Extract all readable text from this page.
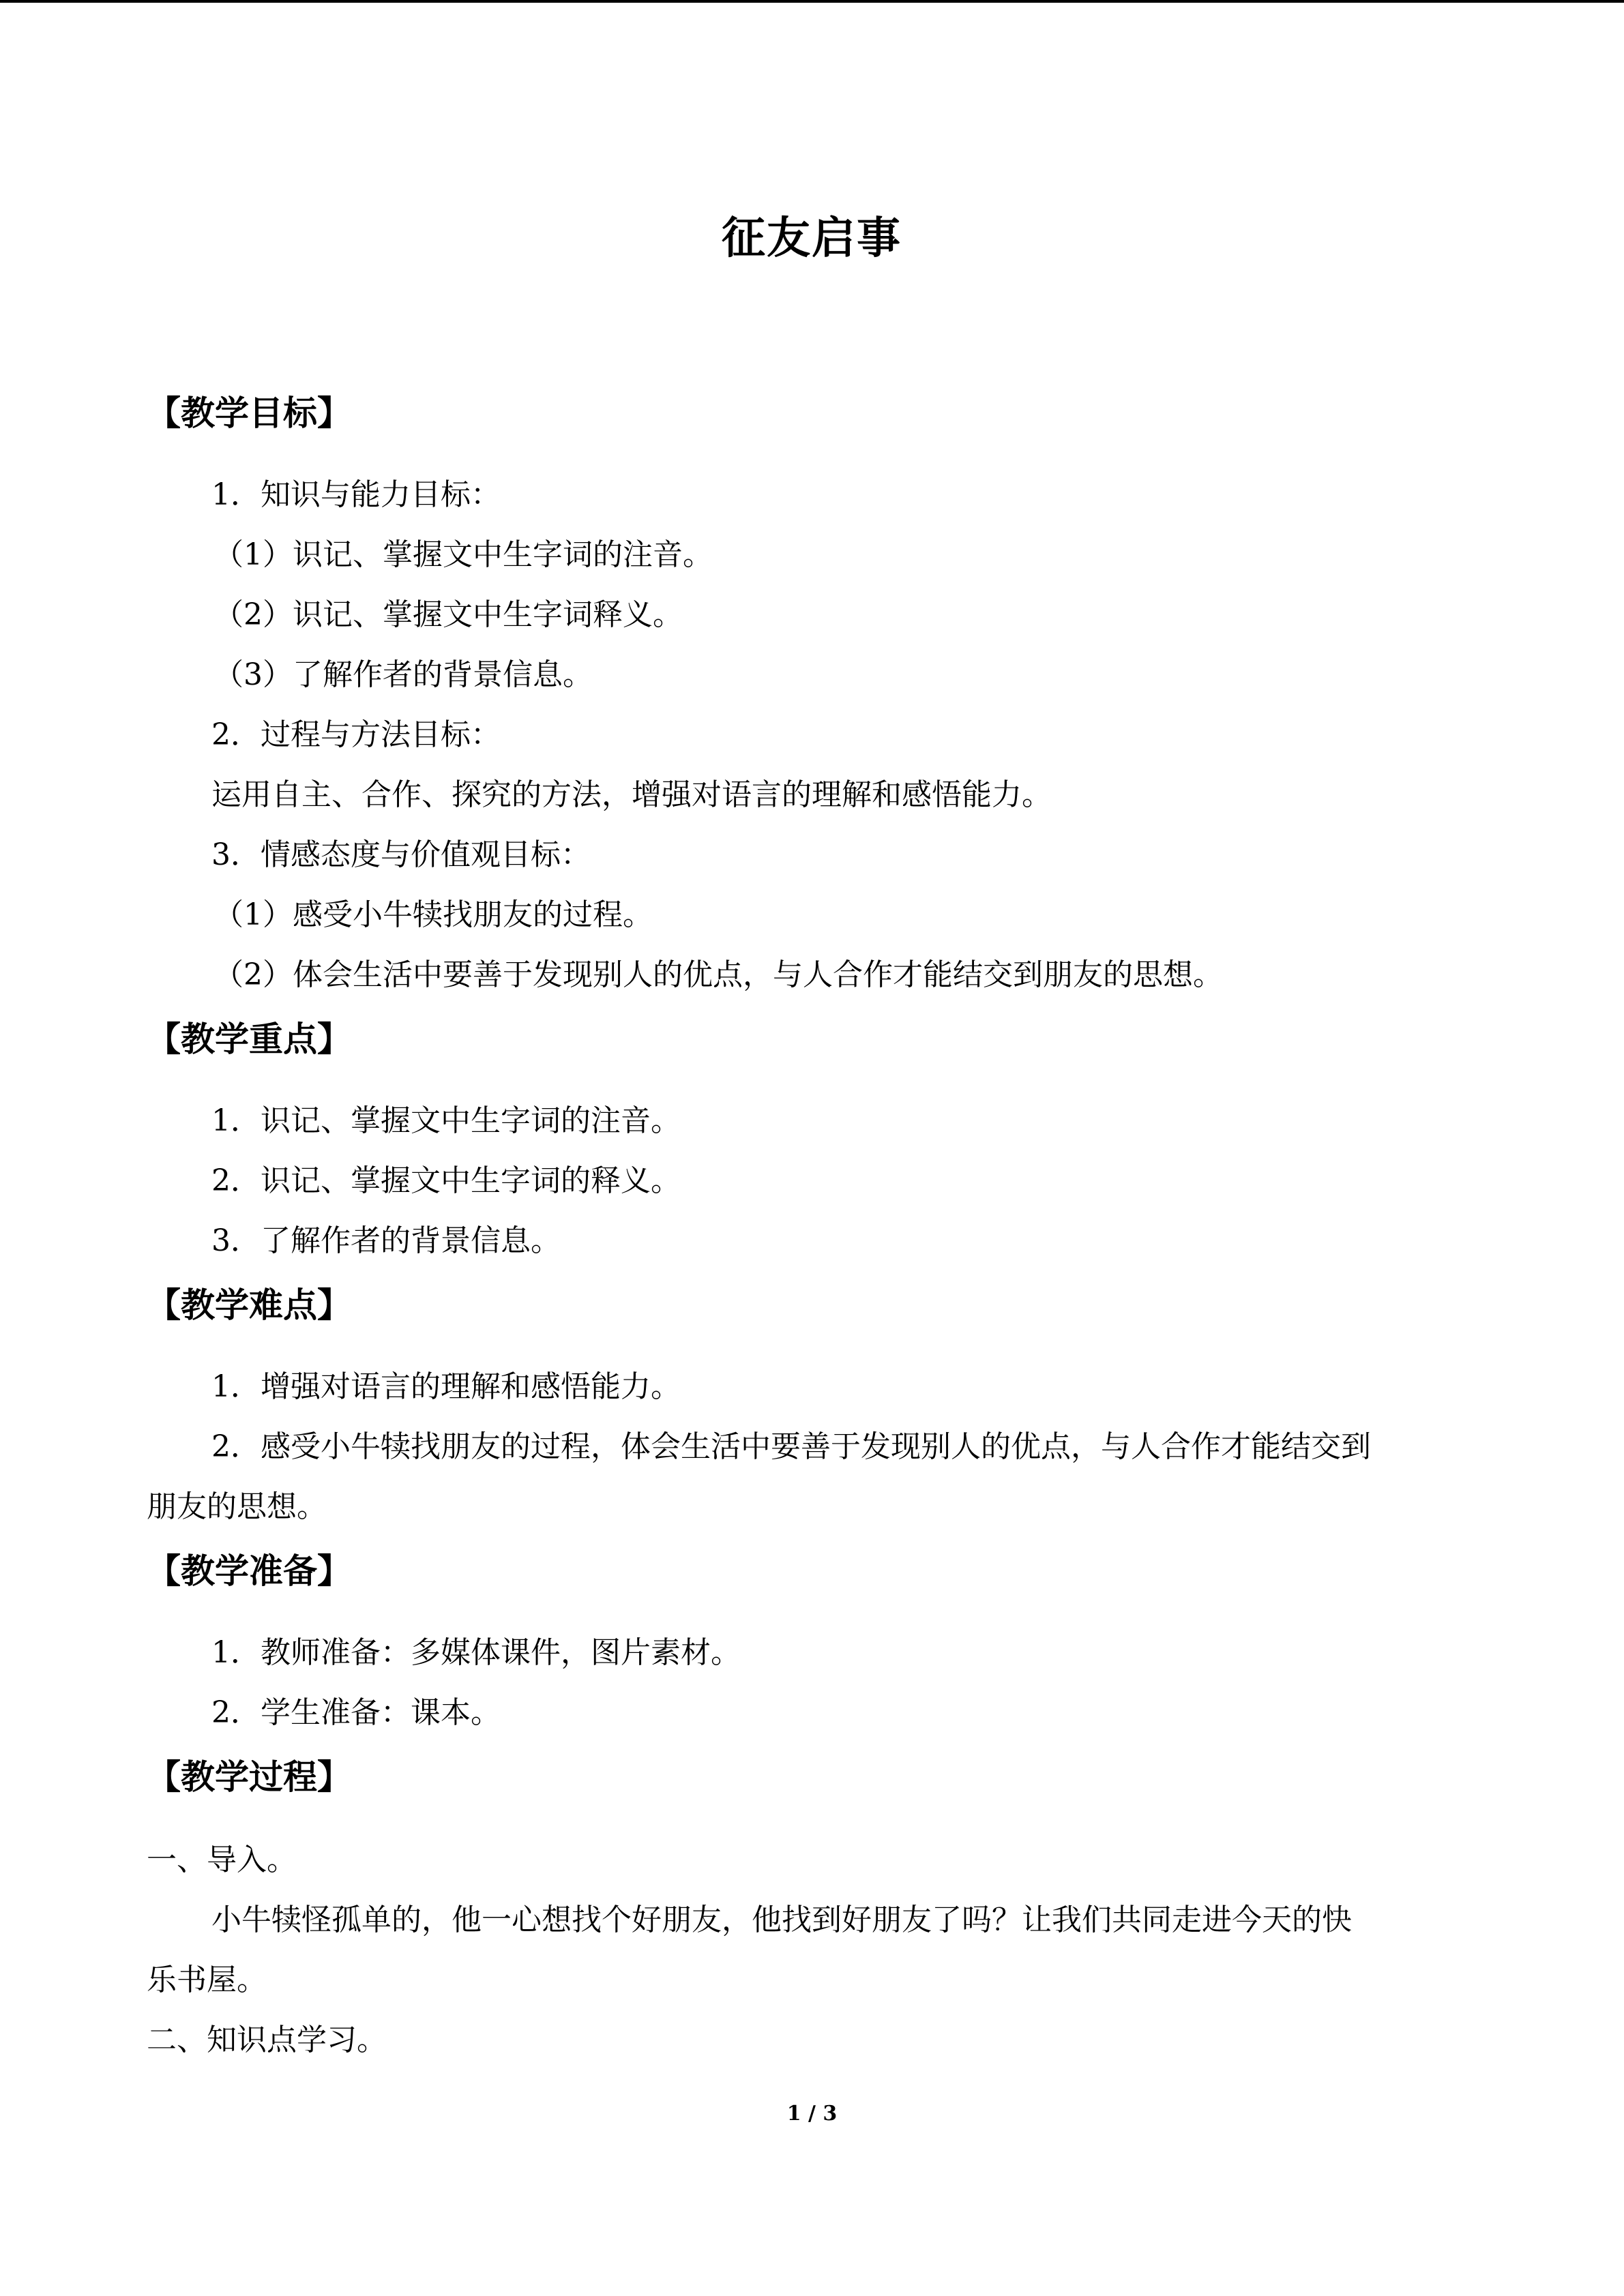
征友启事
【教学目标】
1．知识与能力目标：
（1）识记、掌握文中生字词的注音。
（2）识记、掌握文中生字词释义。
（3）了解作者的背景信息。
2．过程与方法目标：
运用自主、合作、探究的方法，增强对语言的理解和感悟能力。
3．情感态度与价值观目标：
（1）感受小牛犊找朋友的过程。
（2）体会生活中要善于发现别人的优点，与人合作才能结交到朋友的思想。
【教学重点】
1．识记、掌握文中生字词的注音。
2．识记、掌握文中生字词的释义。
3．了解作者的背景信息。
【教学难点】
1．增强对语言的理解和感悟能力。
2．感受小牛犊找朋友的过程，体会生活中要善于发现别人的优点，与人合作才能结交到
朋友的思想。
【教学准备】
1．教师准备：多媒体课件，图片素材。
2．学生准备：课本。
【教学过程】
一、导入。
小牛犊怪孤单的，他一心想找个好朋友，他找到好朋友了吗？让我们共同走进今天的快
乐书屋。
二、知识点学习。
1 / 3
